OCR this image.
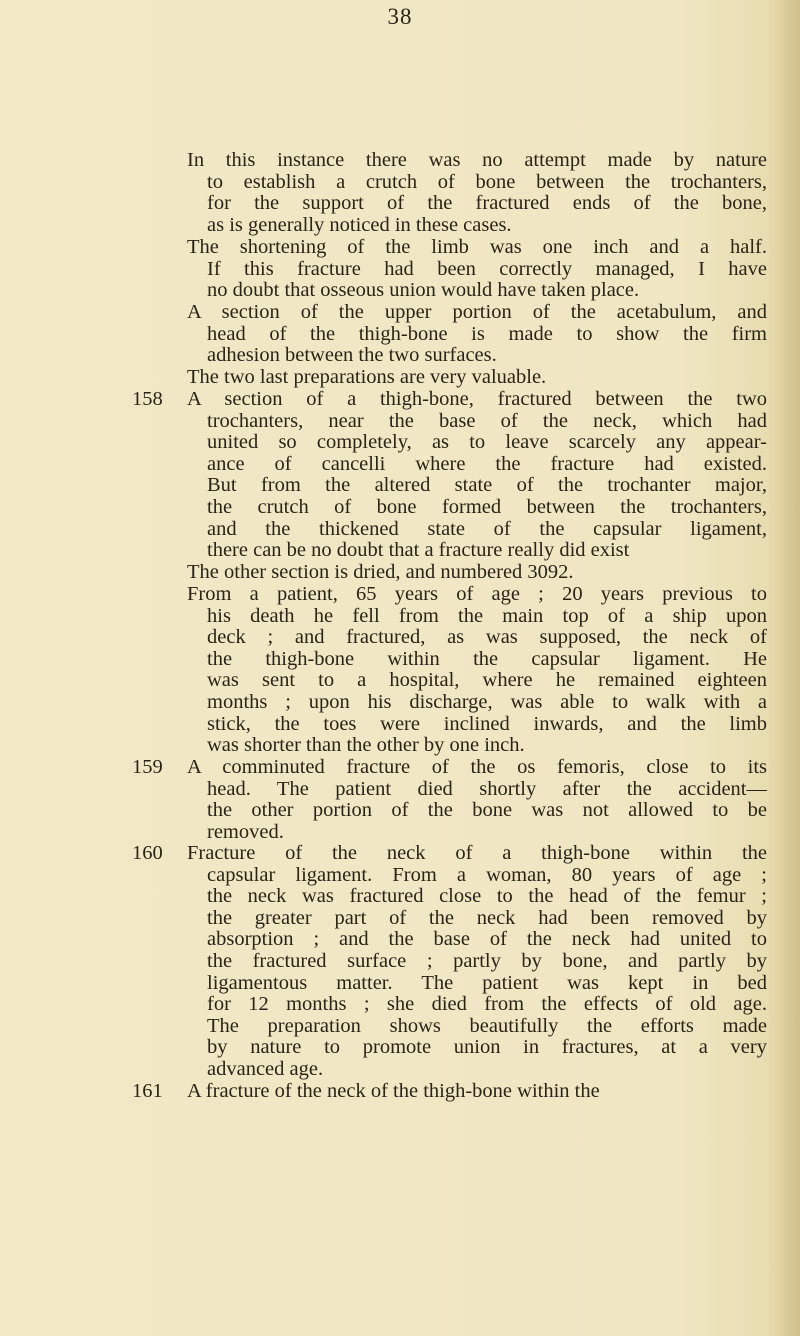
38
In this instance there was no attempt made by nature
to establish a crutch of bone between the trochanters,
for the support of the fractured ends of the bone,
as is generally noticed in these cases.
The shortening of the limb was one inch and a half.
If this fracture had been correctly managed, I have
no doubt that osseous union would have taken place.
A section of the upper portion of the acetabulum, and
head of the thigh-bone is made to show the firm
adhesion between the two surfaces.
The two last preparations are very valuable.
158	A section of a thigh-bone, fractured between the two
trochanters, near the base of the neck, which had
united so completely, as to leave scarcely any appear-
ance of cancelli where the fracture had existed.
But from the altered state of the trochanter major,
the crutch of bone formed between the trochanters,
and the thickened state of the capsular ligament,
there can be no doubt that a fracture really did exist
The other section is dried, and numbered 3092.
From a patient, 65 years of age ; 20 years previous to
his death he fell from the main top of a ship upon
deck ; and fractured, as was supposed, the neck of
the thigh-bone within the capsular ligament. He
was sent to a hospital, where he remained eighteen
months ; upon his discharge, was able to walk with a
stick, the toes were inclined inwards, and the limb
was shorter than the other by one inch.
159	A comminuted fracture of the os femoris, close to its
head. The patient died shortly after the accident—
the other portion of the bone was not allowed to be
removed.
160	Fracture of the neck of a thigh-bone within the
capsular ligament. From a woman, 80 years of age ;
the neck was fractured close to the head of the femur ;
the greater part of the neck had been removed by
absorption ; and the base of the neck had united to
the fractured surface ; partly by bone, and partly by
ligamentous matter. The patient was kept in bed
for 12 months ; she died from the effects of old age.
The preparation shows beautifully the efforts made
by nature to promote union in fractures, at a very
advanced age.
161	A fracture of the neck of the thigh-bone within the
